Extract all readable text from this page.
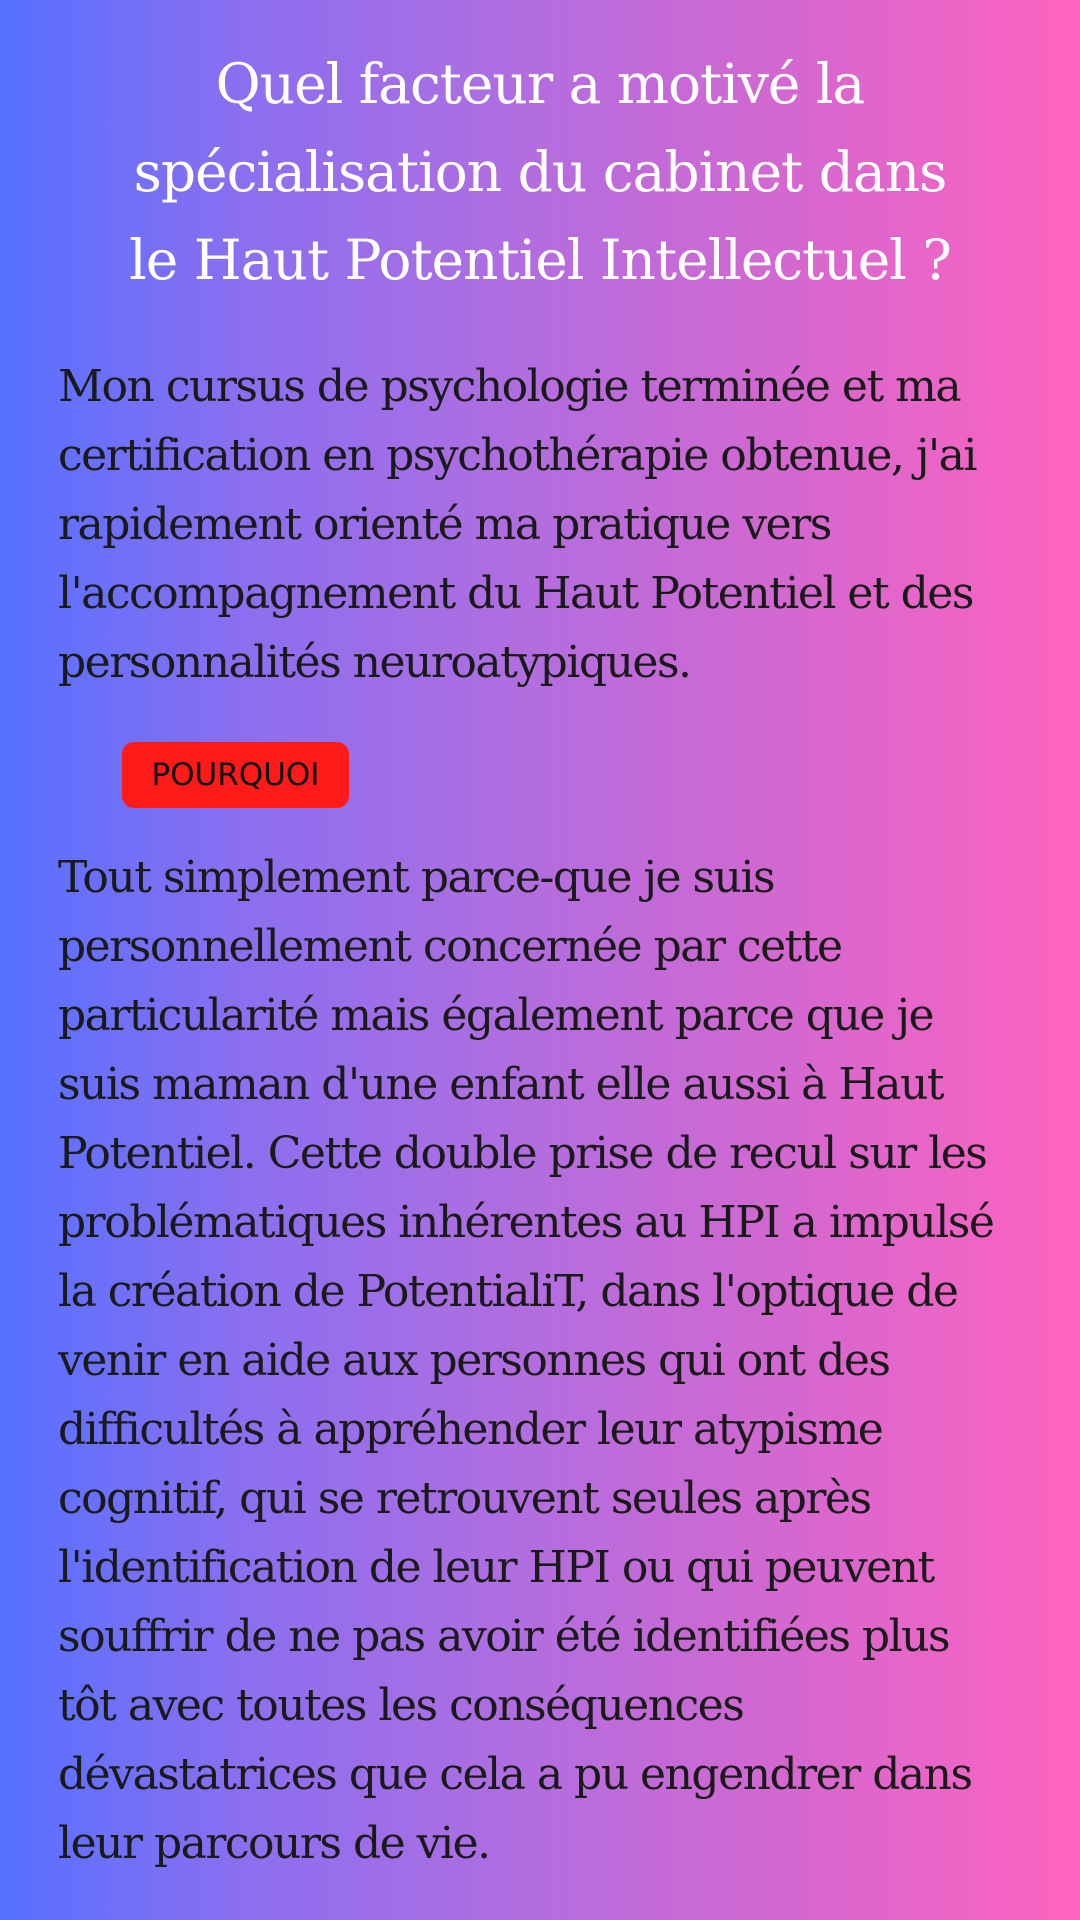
Quel facteur a motivé la
spécialisation du cabinet dans
le Haut Potentiel Intellectuel ?

Mon cursus de psychologie terminée et ma
certification en psychothérapie obtenue, j'ai
rapidement orienté ma pratique vers
l'accompagnement du Haut Potentiel et des
personnalités neuroatypiques.

POURQUOI

Tout simplement parce-que je suis
personnellement concernée par cette
particularité mais également parce que je
suis maman d'une enfant elle aussi à Haut
Potentiel. Cette double prise de recul sur les
problématiques inhérentes au HPI a impulsé
la création de PotentialiT, dans l'optique de
venir en aide aux personnes qui ont des
difficultés à appréhender leur atypisme
cognitif, qui se retrouvent seules après
l'identification de leur HPI ou qui peuvent
souffrir de ne pas avoir été identifiées plus
tôt avec toutes les conséquences
dévastatrices que cela a pu engendrer dans
leur parcours de vie.
